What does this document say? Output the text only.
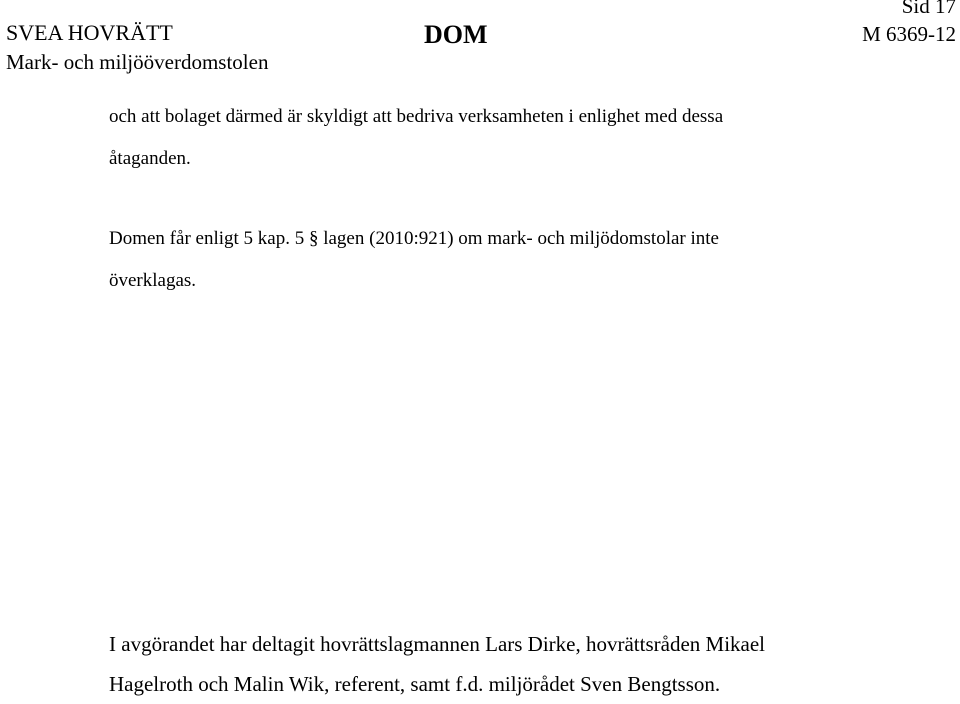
SVEA HOVRÄTT
Mark- och miljööverdomstolen
DOM
Sid 17
M 6369-12
och att bolaget därmed är skyldigt att bedriva verksamheten i enlighet med dessa
åtaganden.
Domen får enligt 5 kap. 5 § lagen (2010:921) om mark- och miljödomstolar inte
överklagas.
I avgörandet har deltagit hovrättslagmannen Lars Dirke, hovrättsråden Mikael
Hagelroth och Malin Wik, referent, samt f.d. miljörådet Sven Bengtsson.
